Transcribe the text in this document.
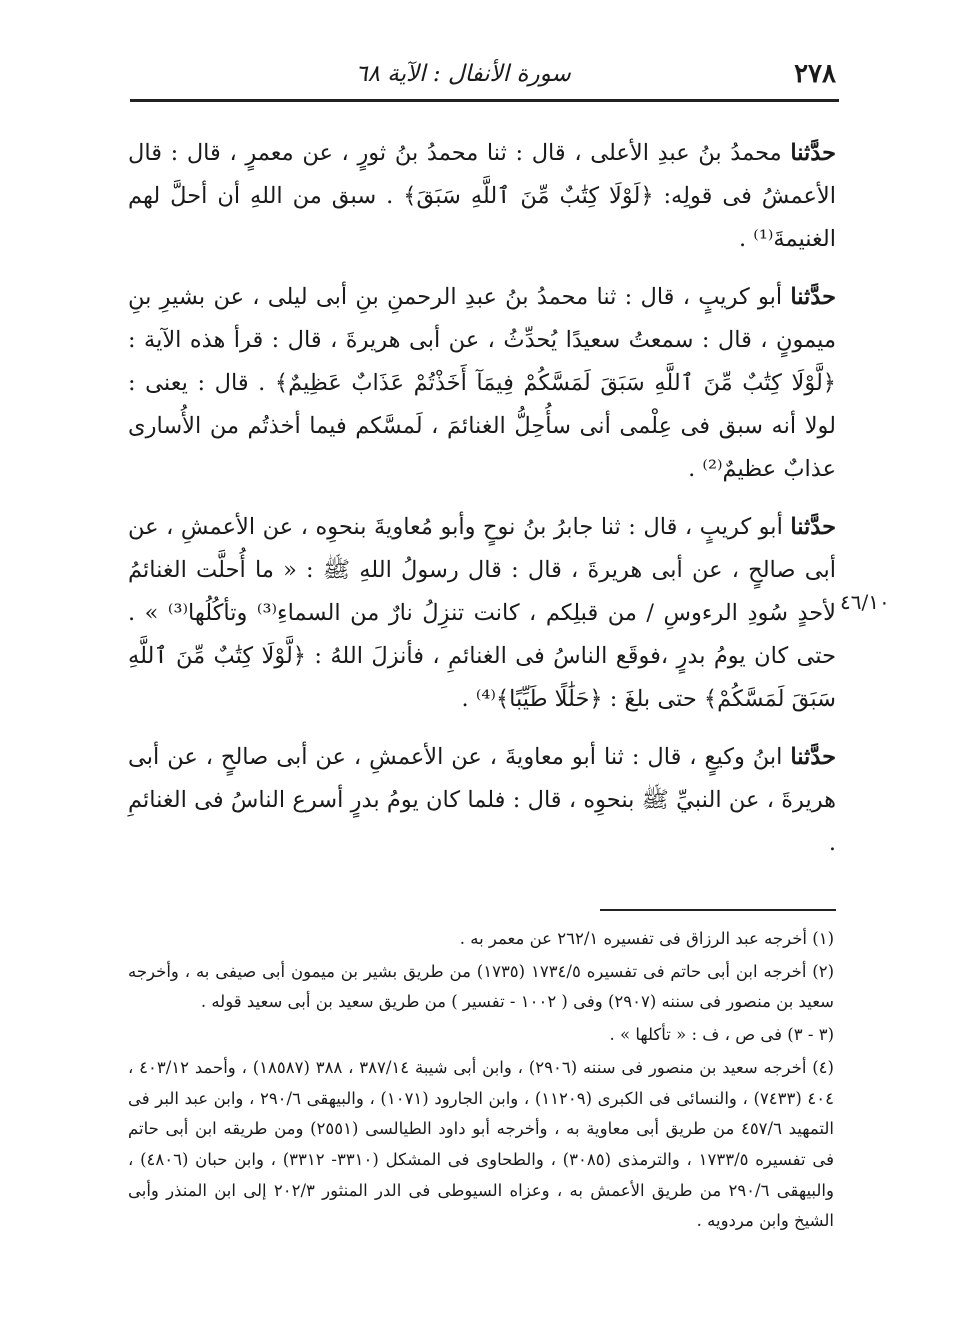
٢٧٨
سورة الأنفال : الآية ٦٨

حدَّثنا محمدُ بنُ عبدِ الأعلى ، قال : ثنا محمدُ بنُ ثورٍ ، عن معمرٍ ، قال : قال الأعمشُ فى قولِه: ﴿لَوْلَا كِتَٰبٌ مِّنَ ٱللَّهِ سَبَقَ﴾ . سبق من اللهِ أن أحلَّ لهم الغنيمةَ⁽¹⁾ .

حدَّثنا أبو كريبٍ ، قال : ثنا محمدُ بنُ عبدِ الرحمنِ بنِ أبى ليلى ، عن بشيرِ بنِ ميمونٍ ، قال : سمعتُ سعيدًا يُحدِّثُ ، عن أبى هريرةَ ، قال : قرأ هذه الآية : ﴿لَّوْلَا كِتَٰبٌ مِّنَ ٱللَّهِ سَبَقَ لَمَسَّكُمْ فِيمَآ أَخَذْتُمْ عَذَابٌ عَظِيمٌ﴾ . قال : يعنى : لولا أنه سبق فى عِلْمى أنى سأُحِلُّ الغنائمَ ، لَمسَّكم فيما أخذتُم من الأُسارى عذابٌ عظيمٌ⁽²⁾ .

حدَّثنا أبو كريبٍ ، قال : ثنا جابرُ بنُ نوحٍ وأبو مُعاويةَ بنحوِه ، عن الأعمشِ ، عن أبى صالحٍ ، عن أبى هريرةَ ، قال : قال رسولُ اللهِ ﷺ : « ما أُحلَّت الغنائمُ لأحدٍ سُودِ الرءوسِ / من قبلِكم ، كانت تنزِلُ نارٌ من السماءِ⁽³⁾ وتأكُلُها⁽³⁾ » . حتى كان يومُ بدرٍ ،فوقَع الناسُ فى الغنائمِ ، فأنزلَ اللهُ : ﴿لَّوْلَا كِتَٰبٌ مِّنَ ٱللَّهِ سَبَقَ لَمَسَّكُمْ﴾ حتى بلغَ : ﴿حَلَٰلًا طَيِّبًا﴾⁽⁴⁾ .

حدَّثنا ابنُ وكيعٍ ، قال : ثنا أبو معاويةَ ، عن الأعمشِ ، عن أبى صالحٍ ، عن أبى هريرةَ ، عن النبيِّ ﷺ بنحوِه ، قال : فلما كان يومُ بدرٍ أسرع الناسُ فى الغنائمِ .

٤٦/١٠

(١) أخرجه عبد الرزاق فى تفسيره ٢٦٢/١ عن معمر به .

(٢) أخرجه ابن أبى حاتم فى تفسيره ١٧٣٤/٥ (١٧٣٥) من طريق بشير بن ميمون أبى صيفى به ، وأخرجه سعيد بن منصور فى سننه (٢٩٠٧) وفى ( ١٠٠٢ - تفسير ) من طريق سعيد بن أبى سعيد قوله .

(٣ - ٣) فى ص ، ف : « تأكلها » .

(٤) أخرجه سعيد بن منصور فى سننه (٢٩٠٦) ، وابن أبى شيبة ٣٨٧/١٤ ، ٣٨٨ (١٨٥٨٧) ، وأحمد ٤٠٣/١٢ ، ٤٠٤ (٧٤٣٣) ، والنسائى فى الكبرى (١١٢٠٩) ، وابن الجارود (١٠٧١) ، والبيهقى ٢٩٠/٦ ، وابن عبد البر فى التمهيد ٤٥٧/٦ من طريق أبى معاوية به ، وأخرجه أبو داود الطيالسى (٢٥٥١) ومن طريقه ابن أبى حاتم فى تفسيره ١٧٣٣/٥ ، والترمذى (٣٠٨٥) ، والطحاوى فى المشكل (٣٣١٠- ٣٣١٢) ، وابن حبان (٤٨٠٦) ، والبيهقى ٢٩٠/٦ من طريق الأعمش به ، وعزاه السيوطى فى الدر المنثور ٢٠٢/٣ إلى ابن المنذر وأبى الشيخ وابن مردويه .
